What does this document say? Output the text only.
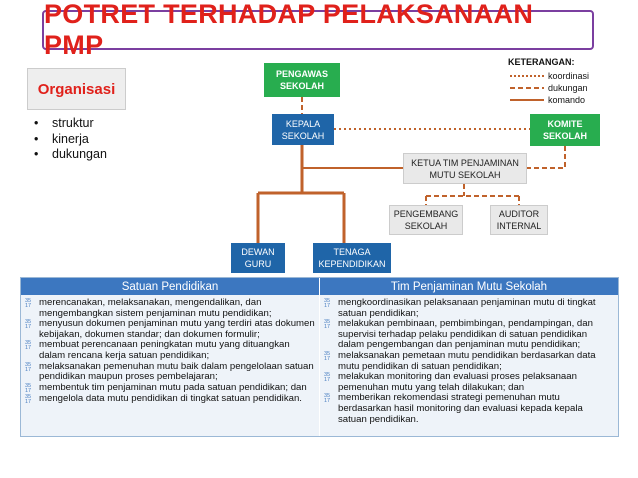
POTRET TERHADAP PELAKSANAAN PMP
Organisasi
• struktur
• kinerja
• dukungan
PENGAWAS
SEKOLAH
KEPALA
SEKOLAH
KOMITE
SEKOLAH
KETUA TIM PENJAMINAN
MUTU SEKOLAH
PENGEMBANG
SEKOLAH
AUDITOR
INTERNAL
DEWAN
GURU
TENAGA
KEPENDIDIKAN
KETERANGAN:
koordinasi
dukungan
komando
Satuan Pendidikan
35
17 merencanakan, melaksanakan, mengendalikan, dan mengembangkan sistem penjaminan mutu pendidikan;
35
17 menyusun dokumen penjaminan mutu yang terdiri atas dokumen kebijakan, dokumen standar; dan dokumen formulir;
35
17 membuat perencanaan peningkatan mutu yang dituangkan dalam rencana kerja satuan pendidikan;
35
17 melaksanakan pemenuhan mutu baik dalam pengelolaan satuan pendidikan maupun proses pembelajaran;
35
17 membentuk tim penjaminan mutu pada satuan pendidikan; dan
35
17 mengelola data mutu pendidikan di tingkat satuan pendidikan.
Tim Penjaminan Mutu Sekolah
35
17 mengkoordinasikan pelaksanaan penjaminan mutu di tingkat satuan pendidikan;
35
17 melakukan pembinaan, pembimbingan, pendampingan, dan supervisi terhadap pelaku pendidikan di satuan pendidikan dalam pengembangan dan penjaminan mutu pendidikan;
35
17 melaksanakan pemetaan mutu pendidikan berdasarkan data mutu pendidikan di satuan pendidikan;
35
17 melakukan monitoring dan evaluasi proses pelaksanaan pemenuhan mutu yang telah dilakukan; dan
35
17 memberikan rekomendasi strategi pemenuhan mutu berdasarkan hasil monitoring dan evaluasi kepada kepala satuan pendidikan.
